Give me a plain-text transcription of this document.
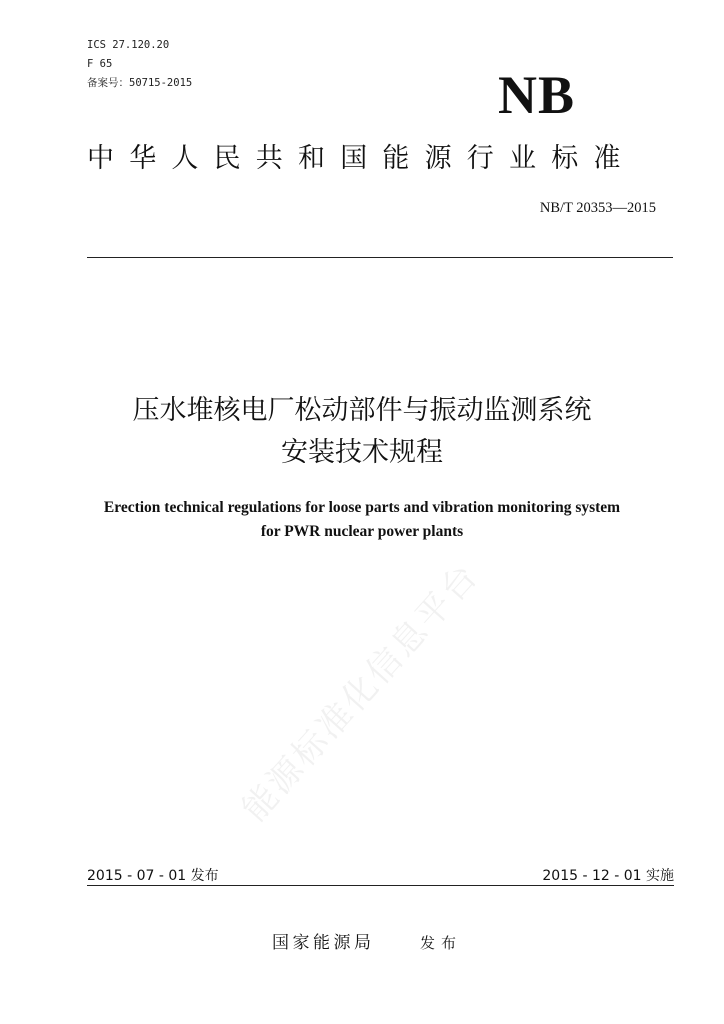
ICS 27.120.20
F 65
备案号：50715-2015	NB
中华人民共和国能源行业标准
NB/T 20353—2015
压水堆核电厂松动部件与振动监测系统
安装技术规程
Erection technical regulations for loose parts and vibration monitoring system
for PWR nuclear power plants
能源标准化信息平台
2015 - 07 - 01 发布	2015 - 12 - 01 实施
国家能源局	发布
